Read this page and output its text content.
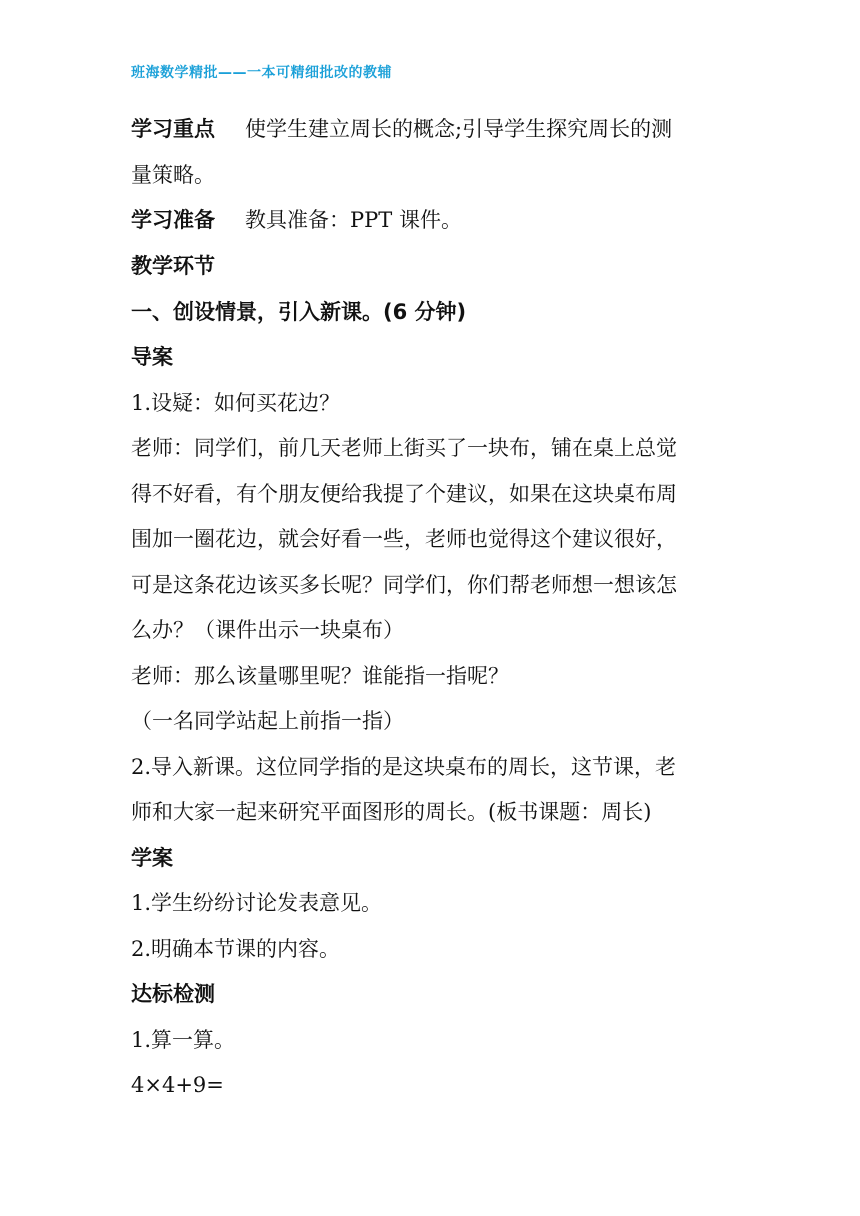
班海数学精批——一本可精细批改的教辅
学习重点 使学生建立周长的概念;引导学生探究周长的测
量策略。
学习准备 教具准备：PPT 课件。
教学环节
一、创设情景，引入新课。(6 分钟)
导案
1.设疑：如何买花边？
老师：同学们，前几天老师上街买了一块布，铺在桌上总觉
得不好看，有个朋友便给我提了个建议，如果在这块桌布周
围加一圈花边，就会好看一些，老师也觉得这个建议很好，
可是这条花边该买多长呢？同学们，你们帮老师想一想该怎
么办？（课件出示一块桌布）
老师：那么该量哪里呢？谁能指一指呢？
（一名同学站起上前指一指）
2.导入新课。这位同学指的是这块桌布的周长，这节课，老
师和大家一起来研究平面图形的周长。(板书课题：周长)
学案
1.学生纷纷讨论发表意见。
2.明确本节课的内容。
达标检测
1.算一算。
4×4+9=
